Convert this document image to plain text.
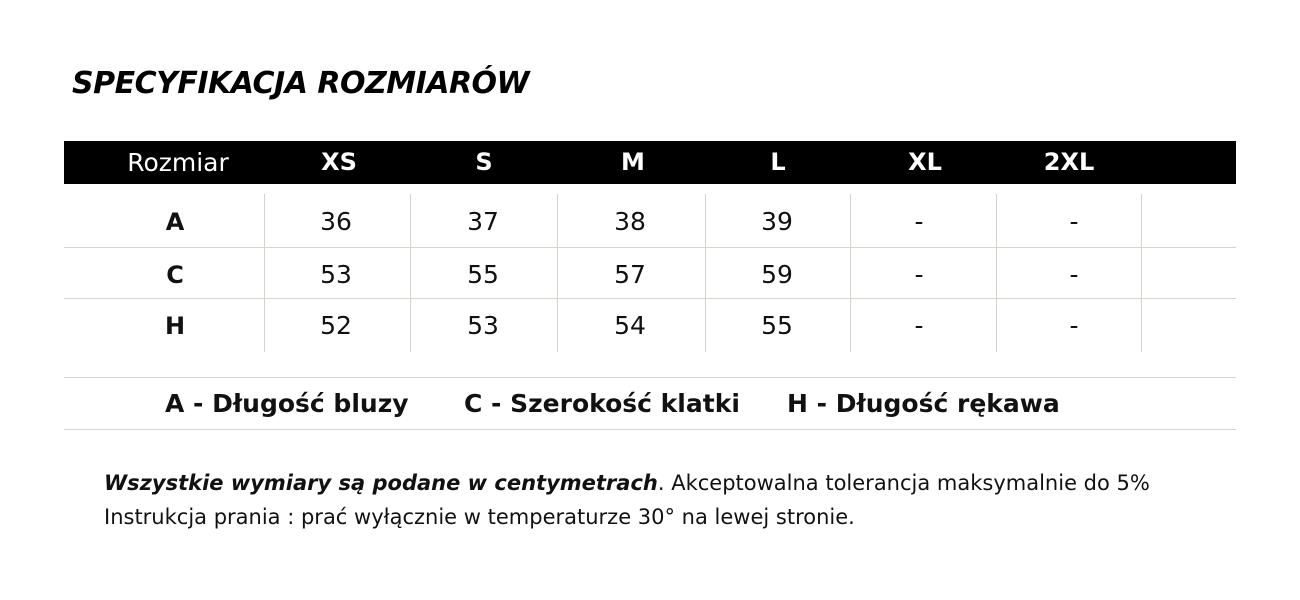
SPECYFIKACJA ROZMIARÓW
Rozmiar	XS	S	M	L	XL	2XL
A	36	37	38	39	-	-
C	53	55	57	59	-	-
H	52	53	54	55	-	-
A - Długość bluzy C - Szerokość klatki H - Długość rękawa
Wszystkie wymiary są podane w centymetrach. Akceptowalna tolerancja maksymalnie do 5%
Instrukcja prania : prać wyłącznie w temperaturze 30° na lewej stronie.
